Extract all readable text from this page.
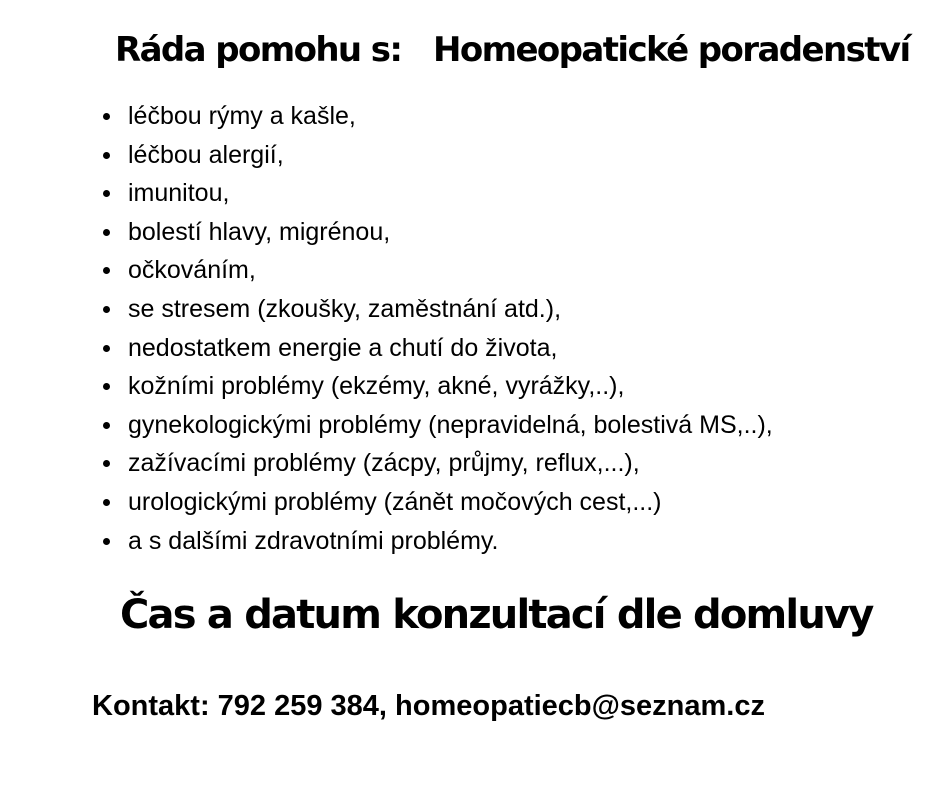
Ráda pomohu s: Homeopatické poradenství
léčbou rýmy a kašle,
léčbou alergií,
imunitou,
bolestí hlavy, migrénou,
očkováním,
se stresem (zkoušky, zaměstnání atd.),
nedostatkem energie a chutí do života,
kožními problémy (ekzémy, akné, vyrážky,..),
gynekologickými problémy (nepravidelná, bolestivá MS,..),
zažívacími problémy (zácpy, průjmy, reflux,...),
urologickými problémy (zánět močových cest,...)
a s dalšími zdravotními problémy.
Čas a datum konzultací dle domluvy
Kontakt: 792 259 384, homeopatiecb@seznam.cz
